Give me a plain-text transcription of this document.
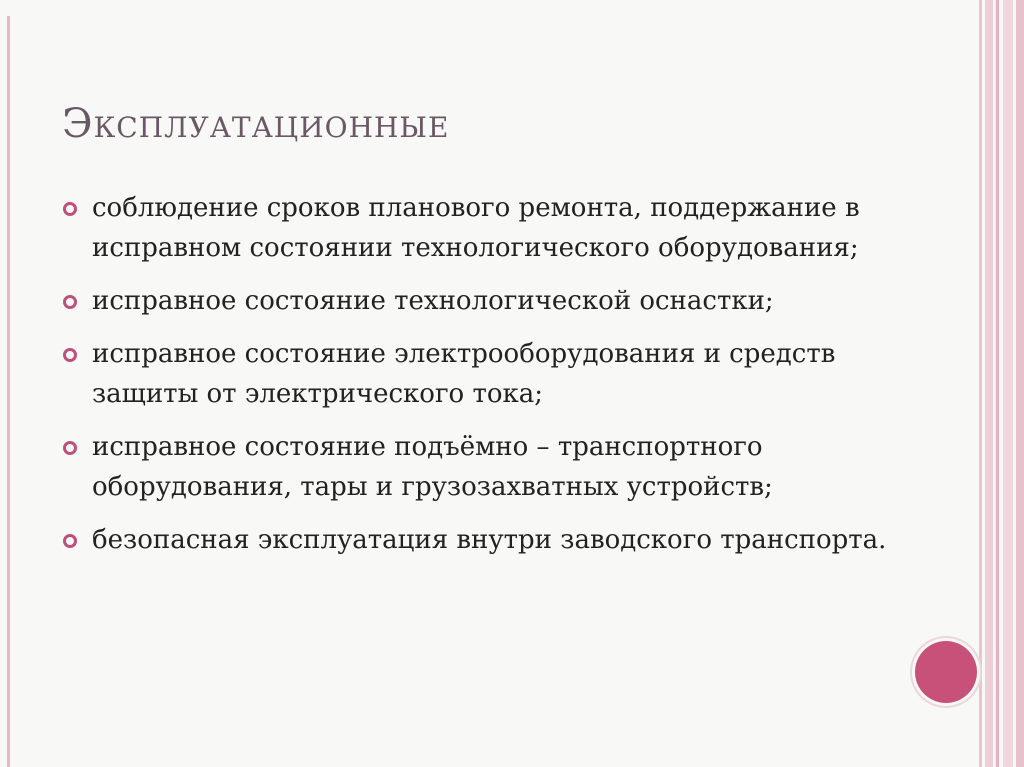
Эксплуатационные
соблюдение сроков планового ремонта, поддержание в исправном состоянии технологического оборудования;
исправное состояние технологической оснастки;
исправное состояние электрооборудования и средств защиты от электрического тока;
исправное состояние подъёмно – транспортного оборудования, тары и грузозахватных устройств;
безопасная эксплуатация внутри заводского транспорта.
